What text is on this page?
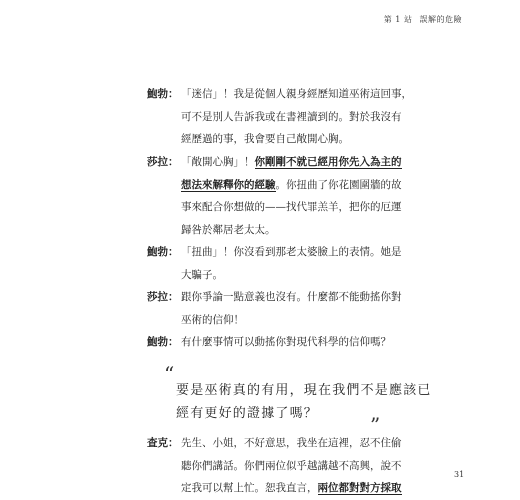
第 1 站 誤解的危險
鮑勃： 「迷信」！我是從個人親身經歷知道巫術這回事，
可不是別人告訴我或在書裡讀到的。對於我沒有
經歷過的事，我會要自己敞開心胸。
莎拉： 「敞開心胸」！你剛剛不就已經用你先入為主的
想法來解釋你的經驗。你扭曲了你花園圍牆的故
事來配合你想做的——找代罪羔羊，把你的厄運
歸咎於鄰居老太太。
鮑勃： 「扭曲」！你沒看到那老太婆臉上的表情。她是
大騙子。
莎拉： 跟你爭論一點意義也沒有。什麼都不能動搖你對
巫術的信仰！
鮑勃： 有什麼事情可以動搖你對現代科學的信仰嗎？
“
要是巫術真的有用，現在我們不是應該已
經有更好的證據了嗎？	”
查克： 先生、小姐，不好意思，我坐在這裡，忍不住偷
聽你們講話。你們兩位似乎越講越不高興，說不
定我可以幫上忙。恕我直言，兩位都對對方採取
31
